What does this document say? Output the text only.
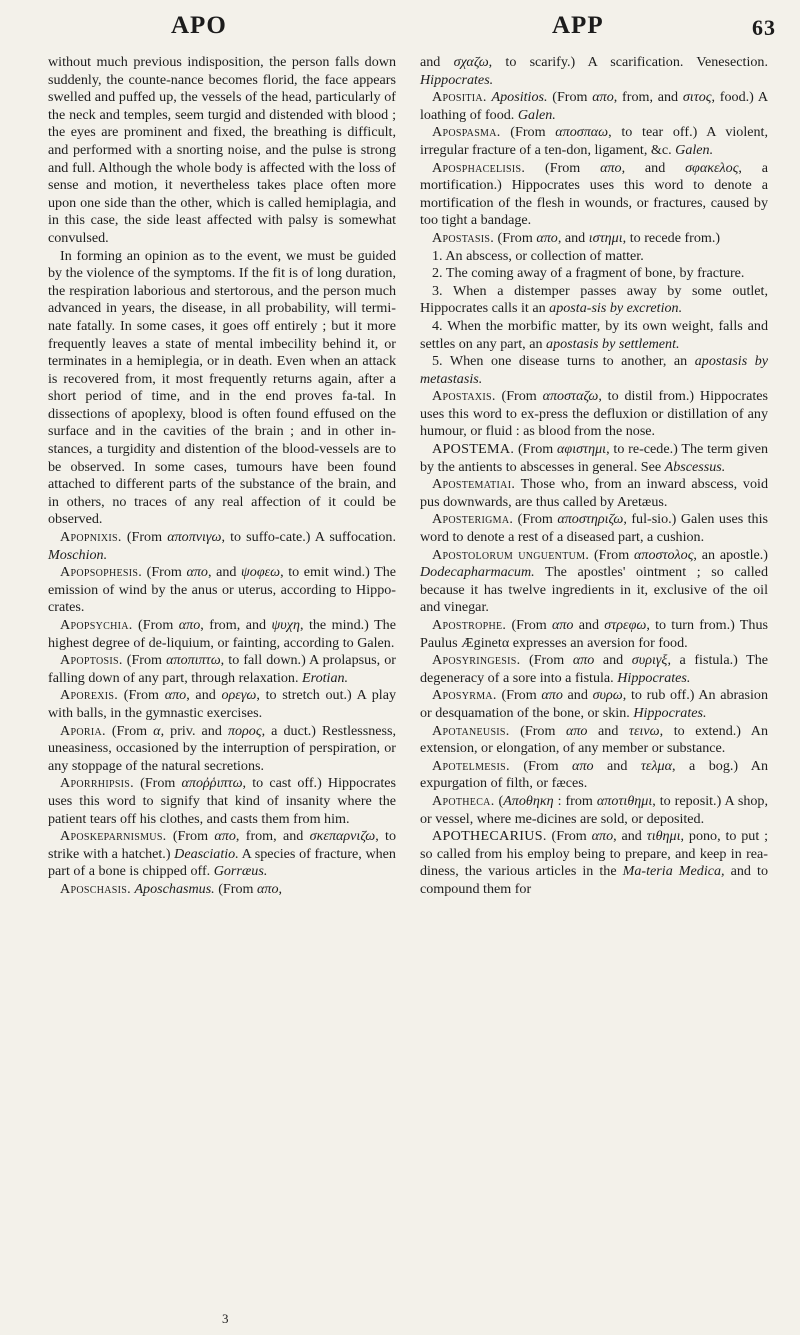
APO	APP	63

without much previous indisposition, the person falls down suddenly, the counte-nance becomes florid, the face appears swelled and puffed up, the vessels of the head, particularly of the neck and temples, seem turgid and distended with blood ; the eyes are prominent and fixed, the breathing is difficult, and performed with a snorting noise, and the pulse is strong and full. Although the whole body is affected with the loss of sense and motion, it nevertheless takes place often more upon one side than the other, which is called hemiplagia, and in this case, the side least affected with palsy is somewhat convulsed.

In forming an opinion as to the event, we must be guided by the violence of the symptoms. If the fit is of long duration, the respiration laborious and stertorous, and the person much advanced in years, the disease, in all probability, will termi-nate fatally. In some cases, it goes off entirely ; but it more frequently leaves a state of mental imbecility behind it, or terminates in a hemiplegia, or in death. Even when an attack is recovered from, it most frequently returns again, after a short period of time, and in the end proves fa-tal. In dissections of apoplexy, blood is often found effused on the surface and in the cavities of the brain ; and in other in-stances, a turgidity and distention of the blood-vessels are to be observed. In some cases, tumours have been found attached to different parts of the substance of the brain, and in others, no traces of any real affection of it could be observed.

Apopnixis. (From αποπνιγω, to suffo-cate.) A suffocation. Moschion.

Apopsophesis. (From απο, and ψοφεω, to emit wind.) The emission of wind by the anus or uterus, according to Hippo-crates.

Apopsychia. (From απο, from, and ψυχη, the mind.) The highest degree of de-liquium, or fainting, according to Galen.

Apoptosis. (From αποπιπτω, to fall down.) A prolapsus, or falling down of any part, through relaxation. Erotian.

Aporexis. (From απο, and ορεγω, to stretch out.) A play with balls, in the gymnastic exercises.

Aporia. (From α, priv. and πορος, a duct.) Restlessness, uneasiness, occasioned by the interruption of perspiration, or any stoppage of the natural secretions.

Aporrhipsis. (From αποῤῥιπτω, to cast off.) Hippocrates uses this word to signify that kind of insanity where the patient tears off his clothes, and casts them from him.

Aposkeparnismus. (From απο, from, and σκεπαρνιζω, to strike with a hatchet.) Deasciatio. A species of fracture, when part of a bone is chipped off. Gorræus.

Aposchasis. Aposchasmus. (From απο,

and σχαζω, to scarify.) A scarification. Venesection. Hippocrates.

Apositia. Apositios. (From απο, from, and σιτος, food.) A loathing of food. Galen.

Apospasma. (From αποσπαω, to tear off.) A violent, irregular fracture of a ten-don, ligament, &c. Galen.

Aposphacelisis. (From απο, and σφακελος, a mortification.) Hippocrates uses this word to denote a mortification of the flesh in wounds, or fractures, caused by too tight a bandage.

Apostasis. (From απο, and ιστημι, to recede from.)

1. An abscess, or collection of matter.

2. The coming away of a fragment of bone, by fracture.

3. When a distemper passes away by some outlet, Hippocrates calls it an aposta-sis by excretion.

4. When the morbific matter, by its own weight, falls and settles on any part, an apostasis by settlement.

5. When one disease turns to another, an apostasis by metastasis.

Apostaxis. (From αποσταζω, to distil from.) Hippocrates uses this word to ex-press the defluxion or distillation of any humour, or fluid : as blood from the nose.

APOSTEMA. (From αφιστημι, to re-cede.) The term given by the antients to abscesses in general. See Abscessus.

Apostematiai. Those who, from an inward abscess, void pus downwards, are thus called by Aretæus.

Aposterigma. (From αποστηριζω, ful-sio.) Galen uses this word to denote a rest of a diseased part, a cushion.

Apostolorum unguentum. (From αποστολος, an apostle.) Dodecapharmacum. The apostles' ointment ; so called because it has twelve ingredients in it, exclusive of the oil and vinegar.

Apostrophe. (From απο and στρεφω, to turn from.) Thus Paulus Æginetα expresses an aversion for food.

Aposyringesis. (From απο and συριγξ, a fistula.) The degeneracy of a sore into a fistula. Hippocrates.

Aposyrma. (From απο and συρω, to rub off.) An abrasion or desquamation of the bone, or skin. Hippocrates.

Apotaneusis. (From απο and τεινω, to extend.) An extension, or elongation, of any member or substance.

Apotelmesis. (From απο and τελμα, a bog.) An expurgation of filth, or fæces.

Apotheca. (Αποθηκη : from αποτιθημι, to reposit.) A shop, or vessel, where me-dicines are sold, or deposited.

APOTHECARIUS. (From απο, and τιθημι, pono, to put ; so called from his employ being to prepare, and keep in rea-diness, the various articles in the Ma-teria Medica, and to compound them for

3
